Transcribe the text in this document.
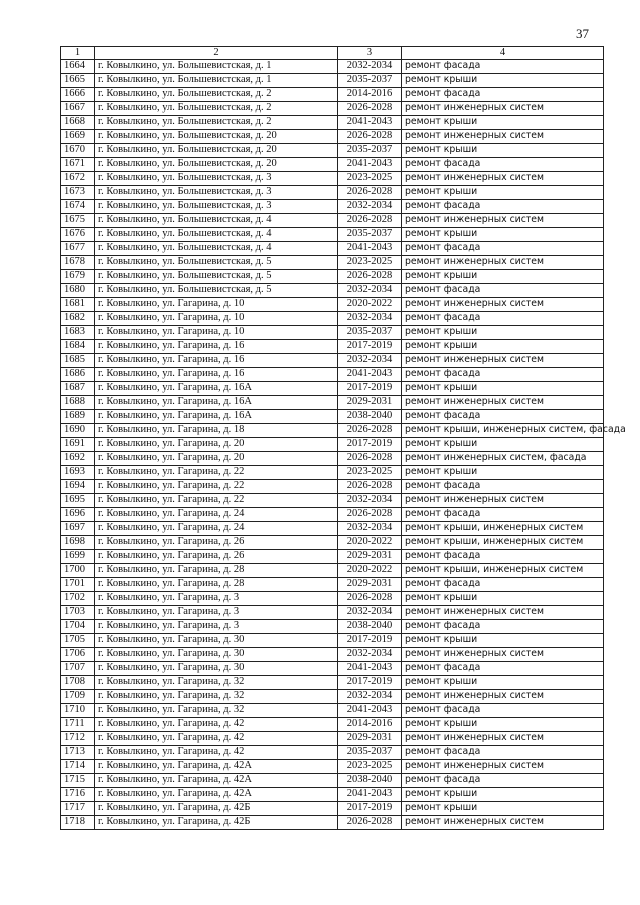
37
1	2	3	4
1664	г. Ковылкино, ул. Большевистская, д. 1	2032-2034	ремонт фасада
1665	г. Ковылкино, ул. Большевистская, д. 1	2035-2037	ремонт крыши
1666	г. Ковылкино, ул. Большевистская, д. 2	2014-2016	ремонт фасада
1667	г. Ковылкино, ул. Большевистская, д. 2	2026-2028	ремонт инженерных систем
1668	г. Ковылкино, ул. Большевистская, д. 2	2041-2043	ремонт крыши
1669	г. Ковылкино, ул. Большевистская, д. 20	2026-2028	ремонт инженерных систем
1670	г. Ковылкино, ул. Большевистская, д. 20	2035-2037	ремонт крыши
1671	г. Ковылкино, ул. Большевистская, д. 20	2041-2043	ремонт фасада
1672	г. Ковылкино, ул. Большевистская, д. 3	2023-2025	ремонт инженерных систем
1673	г. Ковылкино, ул. Большевистская, д. 3	2026-2028	ремонт крыши
1674	г. Ковылкино, ул. Большевистская, д. 3	2032-2034	ремонт фасада
1675	г. Ковылкино, ул. Большевистская, д. 4	2026-2028	ремонт инженерных систем
1676	г. Ковылкино, ул. Большевистская, д. 4	2035-2037	ремонт крыши
1677	г. Ковылкино, ул. Большевистская, д. 4	2041-2043	ремонт фасада
1678	г. Ковылкино, ул. Большевистская, д. 5	2023-2025	ремонт инженерных систем
1679	г. Ковылкино, ул. Большевистская, д. 5	2026-2028	ремонт крыши
1680	г. Ковылкино, ул. Большевистская, д. 5	2032-2034	ремонт фасада
1681	г. Ковылкино, ул. Гагарина, д. 10	2020-2022	ремонт инженерных систем
1682	г. Ковылкино, ул. Гагарина, д. 10	2032-2034	ремонт фасада
1683	г. Ковылкино, ул. Гагарина, д. 10	2035-2037	ремонт крыши
1684	г. Ковылкино, ул. Гагарина, д. 16	2017-2019	ремонт крыши
1685	г. Ковылкино, ул. Гагарина, д. 16	2032-2034	ремонт инженерных систем
1686	г. Ковылкино, ул. Гагарина, д. 16	2041-2043	ремонт фасада
1687	г. Ковылкино, ул. Гагарина, д. 16А	2017-2019	ремонт крыши
1688	г. Ковылкино, ул. Гагарина, д. 16А	2029-2031	ремонт инженерных систем
1689	г. Ковылкино, ул. Гагарина, д. 16А	2038-2040	ремонт фасада
1690	г. Ковылкино, ул. Гагарина, д. 18	2026-2028	ремонт крыши, инженерных систем, фасада
1691	г. Ковылкино, ул. Гагарина, д. 20	2017-2019	ремонт крыши
1692	г. Ковылкино, ул. Гагарина, д. 20	2026-2028	ремонт инженерных систем, фасада
1693	г. Ковылкино, ул. Гагарина, д. 22	2023-2025	ремонт крыши
1694	г. Ковылкино, ул. Гагарина, д. 22	2026-2028	ремонт фасада
1695	г. Ковылкино, ул. Гагарина, д. 22	2032-2034	ремонт инженерных систем
1696	г. Ковылкино, ул. Гагарина, д. 24	2026-2028	ремонт фасада
1697	г. Ковылкино, ул. Гагарина, д. 24	2032-2034	ремонт крыши, инженерных систем
1698	г. Ковылкино, ул. Гагарина, д. 26	2020-2022	ремонт крыши, инженерных систем
1699	г. Ковылкино, ул. Гагарина, д. 26	2029-2031	ремонт фасада
1700	г. Ковылкино, ул. Гагарина, д. 28	2020-2022	ремонт крыши, инженерных систем
1701	г. Ковылкино, ул. Гагарина, д. 28	2029-2031	ремонт фасада
1702	г. Ковылкино, ул. Гагарина, д. 3	2026-2028	ремонт крыши
1703	г. Ковылкино, ул. Гагарина, д. 3	2032-2034	ремонт инженерных систем
1704	г. Ковылкино, ул. Гагарина, д. 3	2038-2040	ремонт фасада
1705	г. Ковылкино, ул. Гагарина, д. 30	2017-2019	ремонт крыши
1706	г. Ковылкино, ул. Гагарина, д. 30	2032-2034	ремонт инженерных систем
1707	г. Ковылкино, ул. Гагарина, д. 30	2041-2043	ремонт фасада
1708	г. Ковылкино, ул. Гагарина, д. 32	2017-2019	ремонт крыши
1709	г. Ковылкино, ул. Гагарина, д. 32	2032-2034	ремонт инженерных систем
1710	г. Ковылкино, ул. Гагарина, д. 32	2041-2043	ремонт фасада
1711	г. Ковылкино, ул. Гагарина, д. 42	2014-2016	ремонт крыши
1712	г. Ковылкино, ул. Гагарина, д. 42	2029-2031	ремонт инженерных систем
1713	г. Ковылкино, ул. Гагарина, д. 42	2035-2037	ремонт фасада
1714	г. Ковылкино, ул. Гагарина, д. 42А	2023-2025	ремонт инженерных систем
1715	г. Ковылкино, ул. Гагарина, д. 42А	2038-2040	ремонт фасада
1716	г. Ковылкино, ул. Гагарина, д. 42А	2041-2043	ремонт крыши
1717	г. Ковылкино, ул. Гагарина, д. 42Б	2017-2019	ремонт крыши
1718	г. Ковылкино, ул. Гагарина, д. 42Б	2026-2028	ремонт инженерных систем
